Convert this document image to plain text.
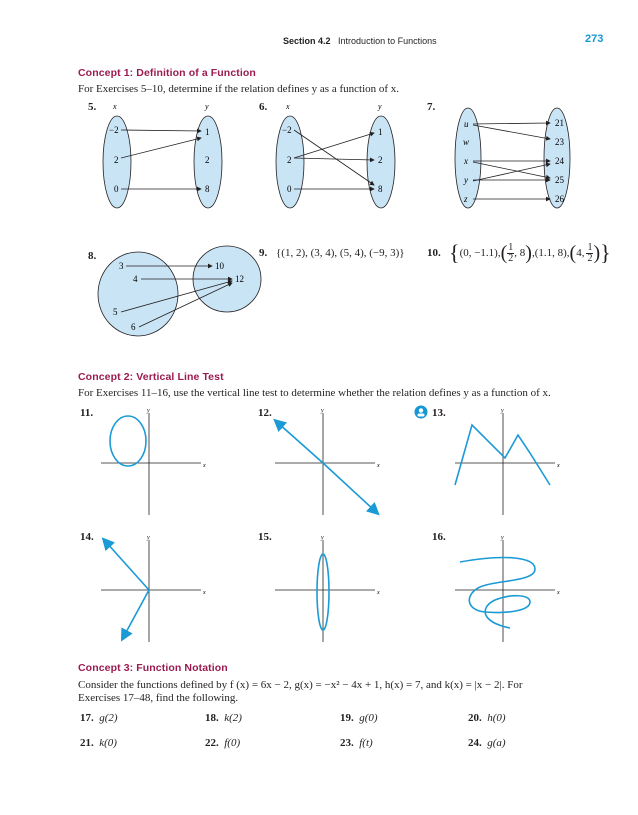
Section 4.2 Introduction to Functions	273
Concept 1: Definition of a Function
For Exercises 5–10, determine if the relation defines y as a function of x.
5. x	y
−2
2
0
1
2
8
6. x	y
−2
2
0
1
2
8
7.
u
w
x
y
z
21
23
24
25
26
8.
3
4
5
6
10
12
9. {(1, 2), (3, 4), (5, 4), (−9, 3)} 10. { (0, −1.1), ( 1
2 , 8 ) , (1.1, 8), ( 4, 1
2 ) }
Concept 2: Vertical Line Test
For Exercises 11–16, use the vertical line test to determine whether the relation defines y as a function of x.
11.	12.	13.
14.	15.	16.
x
y
x
y
x
y
x
y
x
y
x
y
Concept 3: Function Notation
Consider the functions defined by f (x) = 6x − 2, g(x) = −x² − 4x + 1, h(x) = 7, and k(x) = |x − 2|. For
Exercises 17–48, find the following.
17. g(2)	18. k(2)	19. g(0)	20. h(0)
21. k(0)	22. f(0)	23. f(t)	24. g(a)
